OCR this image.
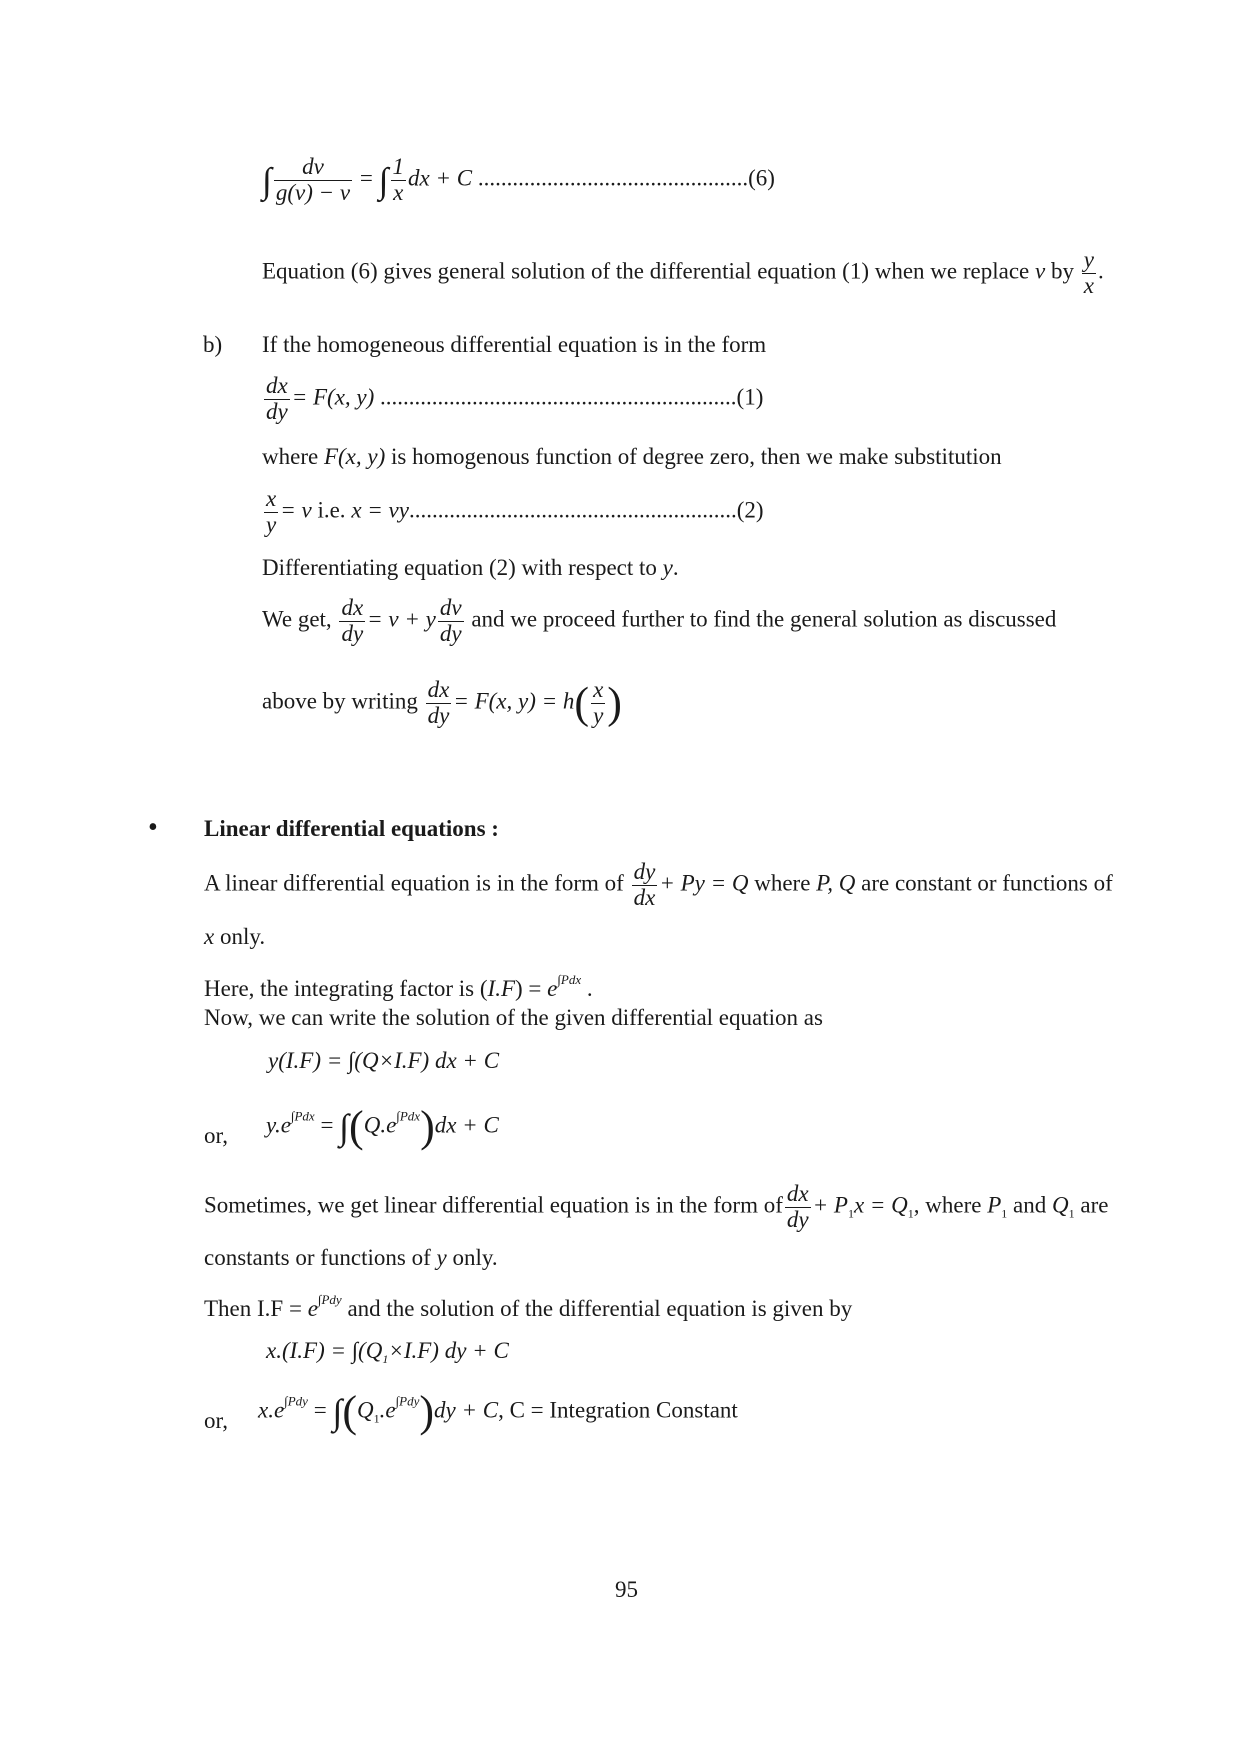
∫ $\frac{dv}{g(v) - v}$ = ∫ $\frac{1}{x}$ dx + C ...............................................(6)
Equation (6) gives general solution of the differential equation (1) when we replace v by $\frac{y}{x}$ .
b) If the homogeneous differential equation is in the form
$\frac{dx}{dy} = F(x$, y) ..............................................................(1)
where F(x, y) is homogenous function of degree zero, then we make substitution
$\frac{x}{y} = v$ i.e. x = vy.........................................................(2)
Differentiating equation (2) with respect to y.
We get, $\frac{dx}{dy} = v + y \frac{dv}{dy}$ and we proceed further to find the general solution as discussed
above by writing $\frac{dx}{dy} = F(x$, $y) = h( \frac{x}{y}$ )
• Linear differential equations :
A linear differential equation is in the form of $\frac{dy}{dx} + Py = Q$ where P, Q are constant or functions of
x only.
Here, the integrating factor is $(I.F) = e^{\int Pdx}$ .
Now, we can write the solution of the given differential equation as
y(I.F) = ∫(Q×I.F) dx + C
or, $y.e^{\int Pdx} = \int(Q.e^{\int Pdx})dx + C$
Sometimes, we get linear differential equation is in the form of $\frac{dx}{dy} + P_1x = Q_1$, where $P_1$ and $Q_1$ are
constants or functions of y only.
Then $I.F = e^{\int Pdy}$ and the solution of the differential equation is given by
$x.(I.F) = \int(Q_1\times I.F)$ dy + C
or, $x.e^{\int Pdy} = \int(Q_1.e^{\int Pdy})dy + C$, C = Integration Constant
95
